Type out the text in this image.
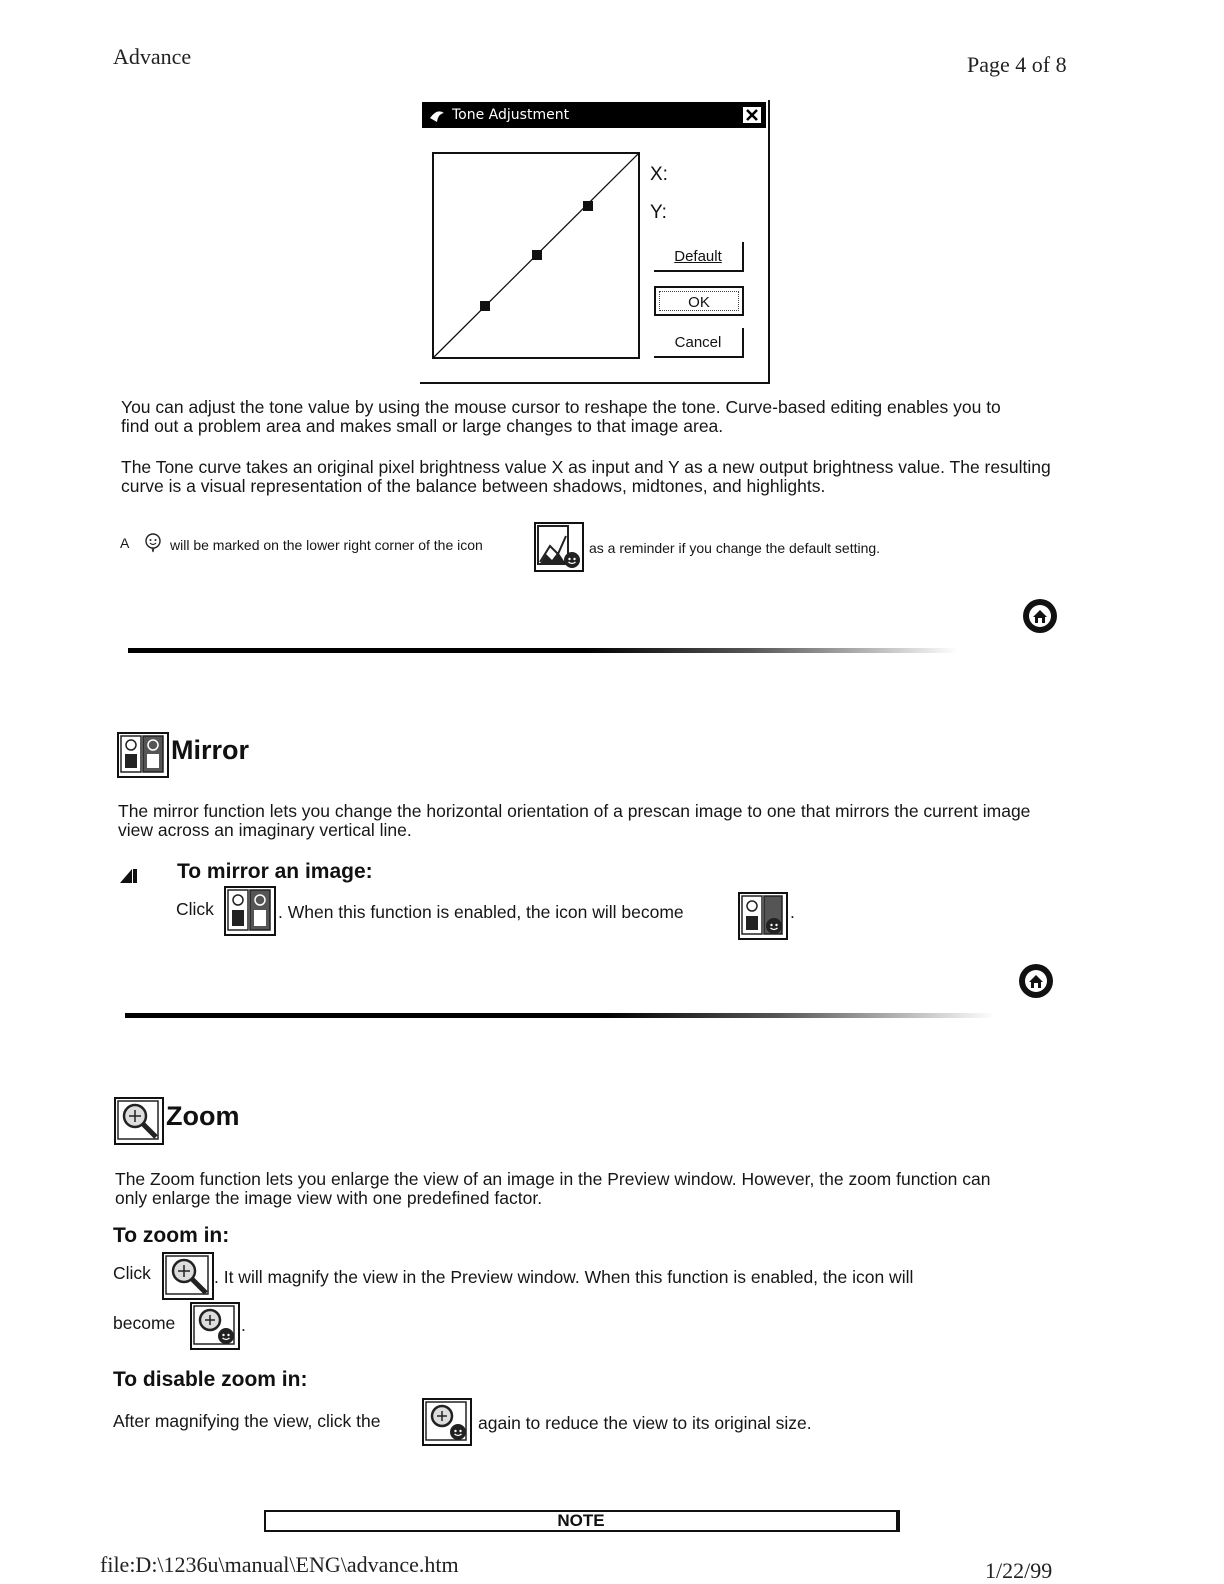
Advance	Page 4 of 8
Tone Adjustment
X:
Y:
Default
OK
Cancel
You can adjust the tone value by using the mouse cursor to reshape the tone. Curve-based editing enables you to find out a problem area and makes small or large changes to that image area.
The Tone curve takes an original pixel brightness value X as input and Y as a new output brightness value. The resulting curve is a visual representation of the balance between shadows, midtones, and highlights.
A	will be marked on the lower right corner of the icon	as a reminder if you change the default setting.
Mirror
The mirror function lets you change the horizontal orientation of a prescan image to one that mirrors the current image view across an imaginary vertical line.
To mirror an image:
Click	. When this function is enabled, the icon will become	.
Zoom
The Zoom function lets you enlarge the view of an image in the Preview window. However, the zoom function can only enlarge the image view with one predefined factor.
To zoom in:
Click	. It will magnify the view in the Preview window. When this function is enabled, the icon will
become	.
To disable zoom in:
After magnifying the view, click the	again to reduce the view to its original size.
NOTE
file:D:\1236u\manual\ENG\advance.htm	1/22/99
